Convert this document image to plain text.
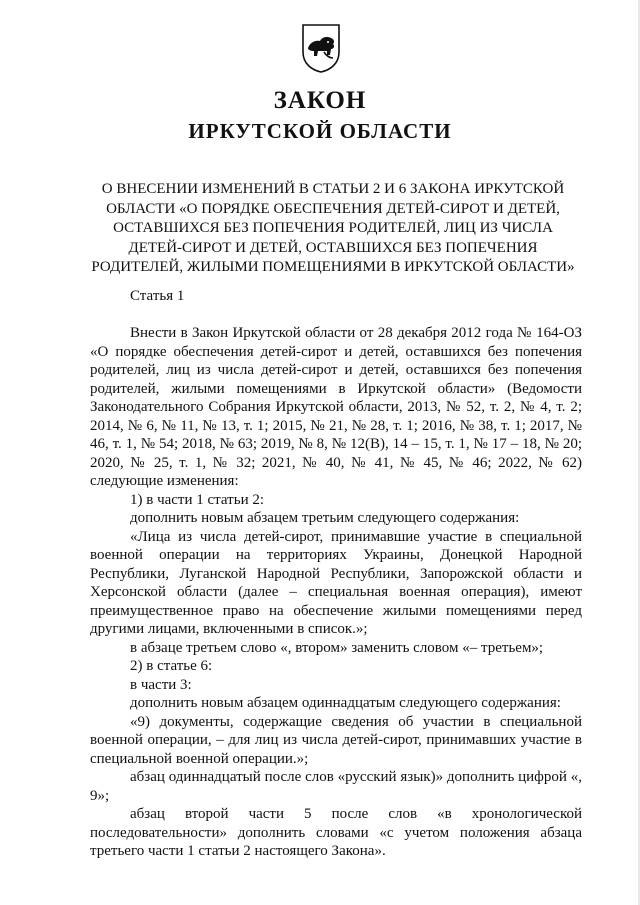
ЗАКОН
ИРКУТСКОЙ ОБЛАСТИ
О ВНЕСЕНИИ ИЗМЕНЕНИЙ В СТАТЬИ 2 И 6 ЗАКОНА ИРКУТСКОЙ ОБЛАСТИ «О ПОРЯДКЕ ОБЕСПЕЧЕНИЯ ДЕТЕЙ-СИРОТ И ДЕТЕЙ, ОСТАВШИХСЯ БЕЗ ПОПЕЧЕНИЯ РОДИТЕЛЕЙ, ЛИЦ ИЗ ЧИСЛА ДЕТЕЙ-СИРОТ И ДЕТЕЙ, ОСТАВШИХСЯ БЕЗ ПОПЕЧЕНИЯ РОДИТЕЛЕЙ, ЖИЛЫМИ ПОМЕЩЕНИЯМИ В ИРКУТСКОЙ ОБЛАСТИ»
Статья 1

Внести в Закон Иркутской области от 28 декабря 2012 года № 164-ОЗ «О порядке обеспечения детей-сирот и детей, оставшихся без попечения родителей, лиц из числа детей-сирот и детей, оставшихся без попечения родителей, жилыми помещениями в Иркутской области» (Ведомости Законодательного Собрания Иркутской области, 2013, № 52, т. 2, № 4, т. 2; 2014, № 6, № 11, № 13, т. 1; 2015, № 21, № 28, т. 1; 2016, № 38, т. 1; 2017, № 46, т. 1, № 54; 2018, № 63; 2019, № 8, № 12(В), 14 – 15, т. 1, № 17 – 18, № 20; 2020, № 25, т. 1, № 32; 2021, № 40, № 41, № 45, № 46; 2022, № 62) следующие изменения:

1) в части 1 статьи 2:

дополнить новым абзацем третьим следующего содержания:

«Лица из числа детей-сирот, принимавшие участие в специальной военной операции на территориях Украины, Донецкой Народной Республики, Луганской Народной Республики, Запорожской области и Херсонской области (далее – специальная военная операция), имеют преимущественное право на обеспечение жилыми помещениями перед другими лицами, включенными в список.»;

в абзаце третьем слово «, втором» заменить словом «– третьем»;

2) в статье 6:

в части 3:

дополнить новым абзацем одиннадцатым следующего содержания:

«9) документы, содержащие сведения об участии в специальной военной операции, – для лиц из числа детей-сирот, принимавших участие в специальной военной операции.»;

абзац одиннадцатый после слов «русский язык)» дополнить цифрой «, 9»;

абзац второй части 5 после слов «в хронологической последовательности» дополнить словами «с учетом положения абзаца третьего части 1 статьи 2 настоящего Закона».
